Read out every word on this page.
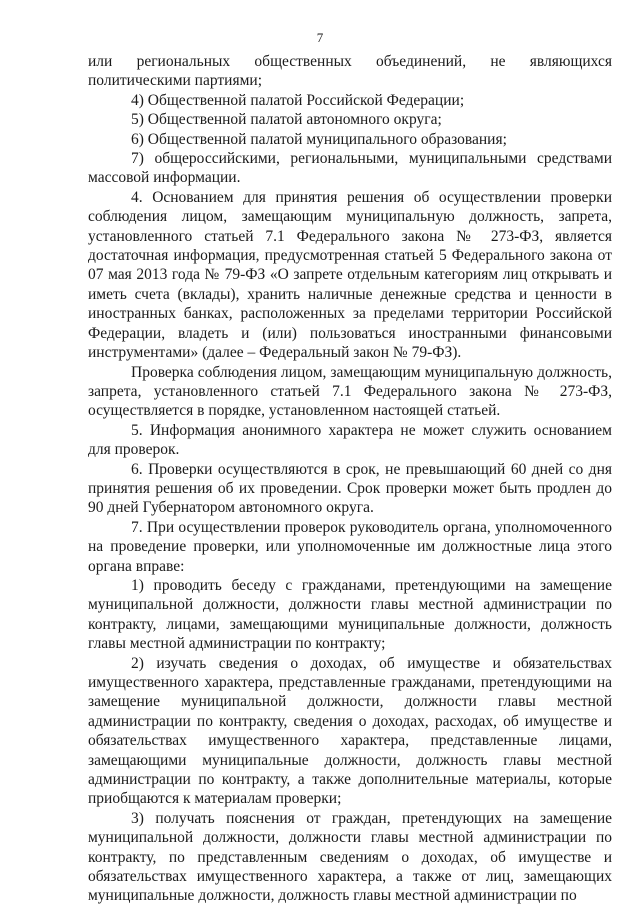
7

или региональных общественных объединений, не являющихся политическими партиями;

4) Общественной палатой Российской Федерации;

5) Общественной палатой автономного округа;

6) Общественной палатой муниципального образования;

7) общероссийскими, региональными, муниципальными средствами массовой информации.

4. Основанием для принятия решения об осуществлении проверки соблюдения лицом, замещающим муниципальную должность, запрета, установленного статьей 7.1 Федерального закона № 273-ФЗ, является достаточная информация, предусмотренная статьей 5 Федерального закона от 07 мая 2013 года № 79-ФЗ «О запрете отдельным категориям лиц открывать и иметь счета (вклады), хранить наличные денежные средства и ценности в иностранных банках, расположенных за пределами территории Российской Федерации, владеть и (или) пользоваться иностранными финансовыми инструментами» (далее – Федеральный закон № 79-ФЗ).

Проверка соблюдения лицом, замещающим муниципальную должность, запрета, установленного статьей 7.1 Федерального закона № 273-ФЗ, осуществляется в порядке, установленном настоящей статьей.

5. Информация анонимного характера не может служить основанием для проверок.

6. Проверки осуществляются в срок, не превышающий 60 дней со дня принятия решения об их проведении. Срок проверки может быть продлен до 90 дней Губернатором автономного округа.

7. При осуществлении проверок руководитель органа, уполномоченного на проведение проверки, или уполномоченные им должностные лица этого органа вправе:

1) проводить беседу с гражданами, претендующими на замещение муниципальной должности, должности главы местной администрации по контракту, лицами, замещающими муниципальные должности, должность главы местной администрации по контракту;

2) изучать сведения о доходах, об имуществе и обязательствах имущественного характера, представленные гражданами, претендующими на замещение муниципальной должности, должности главы местной администрации по контракту, сведения о доходах, расходах, об имуществе и обязательствах имущественного характера, представленные лицами, замещающими муниципальные должности, должность главы местной администрации по контракту, а также дополнительные материалы, которые приобщаются к материалам проверки;

3) получать пояснения от граждан, претендующих на замещение муниципальной должности, должности главы местной администрации по контракту, по представленным сведениям о доходах, об имуществе и обязательствах имущественного характера, а также от лиц, замещающих муниципальные должности, должность главы местной администрации по
